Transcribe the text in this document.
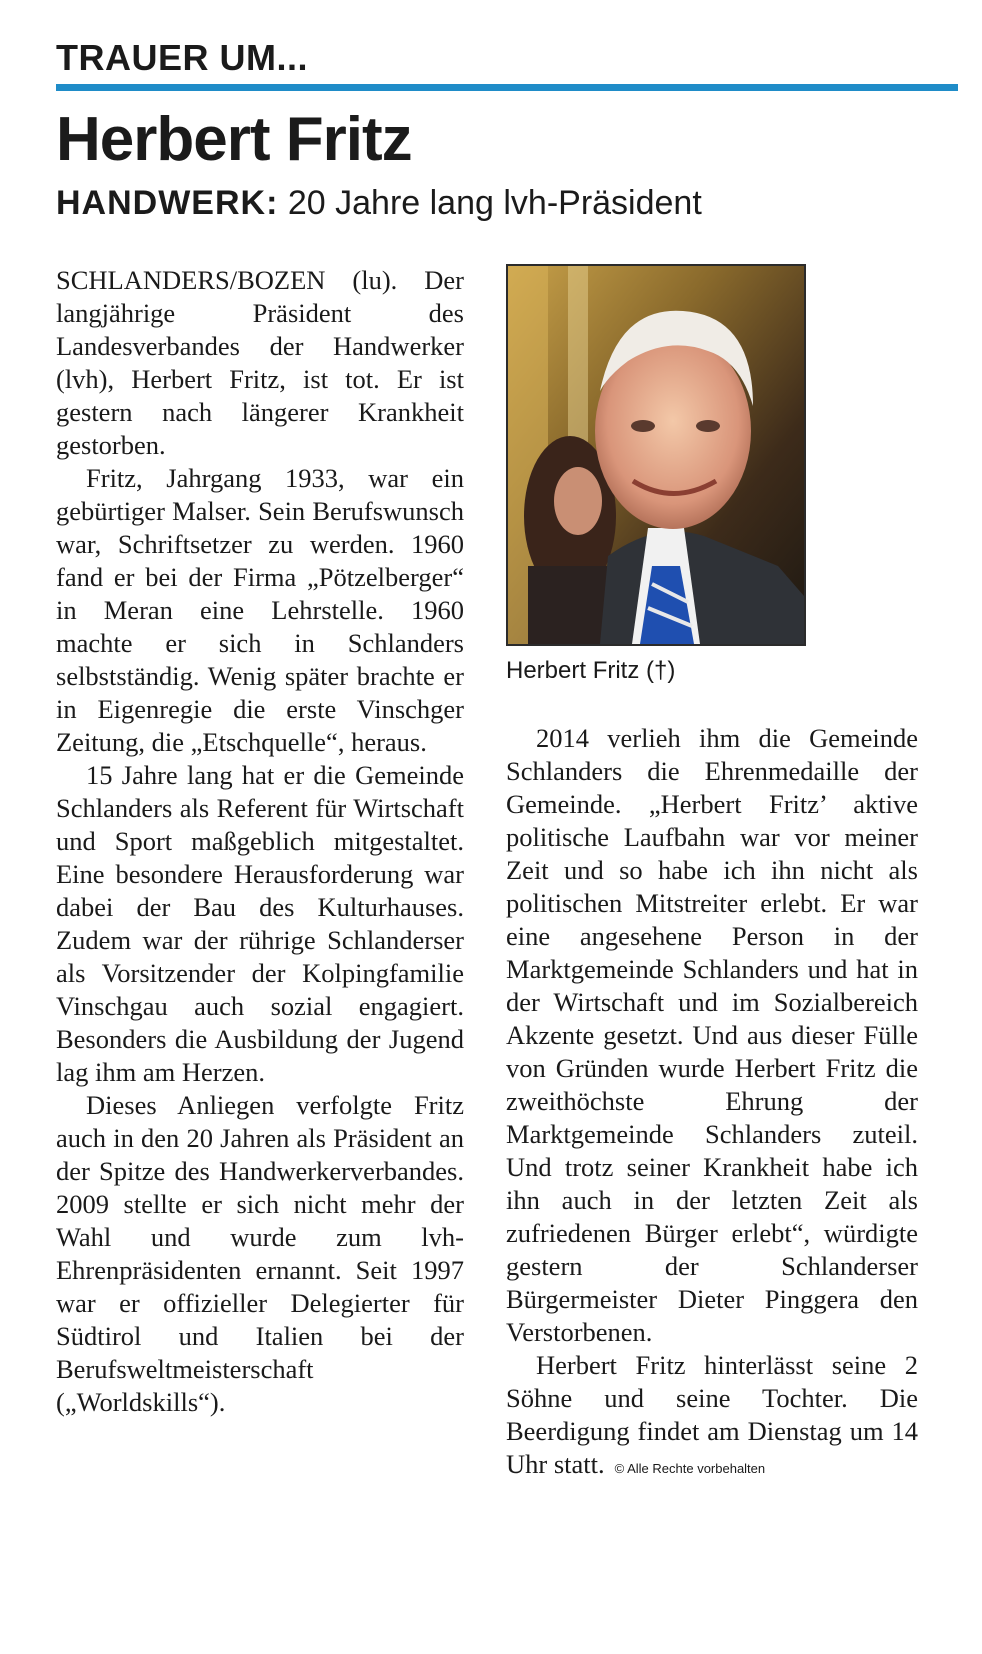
TRAUER UM...
Herbert Fritz

HANDWERK: 20 Jahre lang lvh-Präsident

SCHLANDERS/BOZEN (lu). Der langjährige Präsident des Landesverbandes der Handwerker (lvh), Herbert Fritz, ist tot. Er ist gestern nach längerer Krankheit gestorben.

Fritz, Jahrgang 1933, war ein gebürtiger Malser. Sein Berufswunsch war, Schriftsetzer zu werden. 1960 fand er bei der Firma „Pötzelberger“ in Meran eine Lehrstelle. 1960 machte er sich in Schlanders selbstständig. Wenig später brachte er in Eigenregie die erste Vinschger Zeitung, die „Etschquelle“, heraus.

15 Jahre lang hat er die Gemeinde Schlanders als Referent für Wirtschaft und Sport maßgeblich mitgestaltet. Eine besondere Herausforderung war dabei der Bau des Kulturhauses. Zudem war der rührige Schlanderser als Vorsitzender der Kolpingfamilie Vinschgau auch sozial engagiert. Besonders die Ausbildung der Jugend lag ihm am Herzen.

Dieses Anliegen verfolgte Fritz auch in den 20 Jahren als Präsident an der Spitze des Handwerkerverbandes. 2009 stellte er sich nicht mehr der Wahl und wurde zum lvh-Ehrenpräsidenten ernannt. Seit 1997 war er offizieller Delegierter für Südtirol und Italien bei der Berufsweltmeisterschaft („Worldskills“).

Herbert Fritz (†)

2014 verlieh ihm die Gemeinde Schlanders die Ehrenmedaille der Gemeinde. „Herbert Fritz’ aktive politische Laufbahn war vor meiner Zeit und so habe ich ihn nicht als politischen Mitstreiter erlebt. Er war eine angesehene Person in der Marktgemeinde Schlanders und hat in der Wirtschaft und im Sozialbereich Akzente gesetzt. Und aus dieser Fülle von Gründen wurde Herbert Fritz die zweithöchste Ehrung der Marktgemeinde Schlanders zuteil. Und trotz seiner Krankheit habe ich ihn auch in der letzten Zeit als zufriedenen Bürger erlebt“, würdigte gestern der Schlanderser Bürgermeister Dieter Pinggera den Verstorbenen.

Herbert Fritz hinterlässt seine 2 Söhne und seine Tochter. Die Beerdigung findet am Dienstag um 14 Uhr statt. © Alle Rechte vorbehalten
